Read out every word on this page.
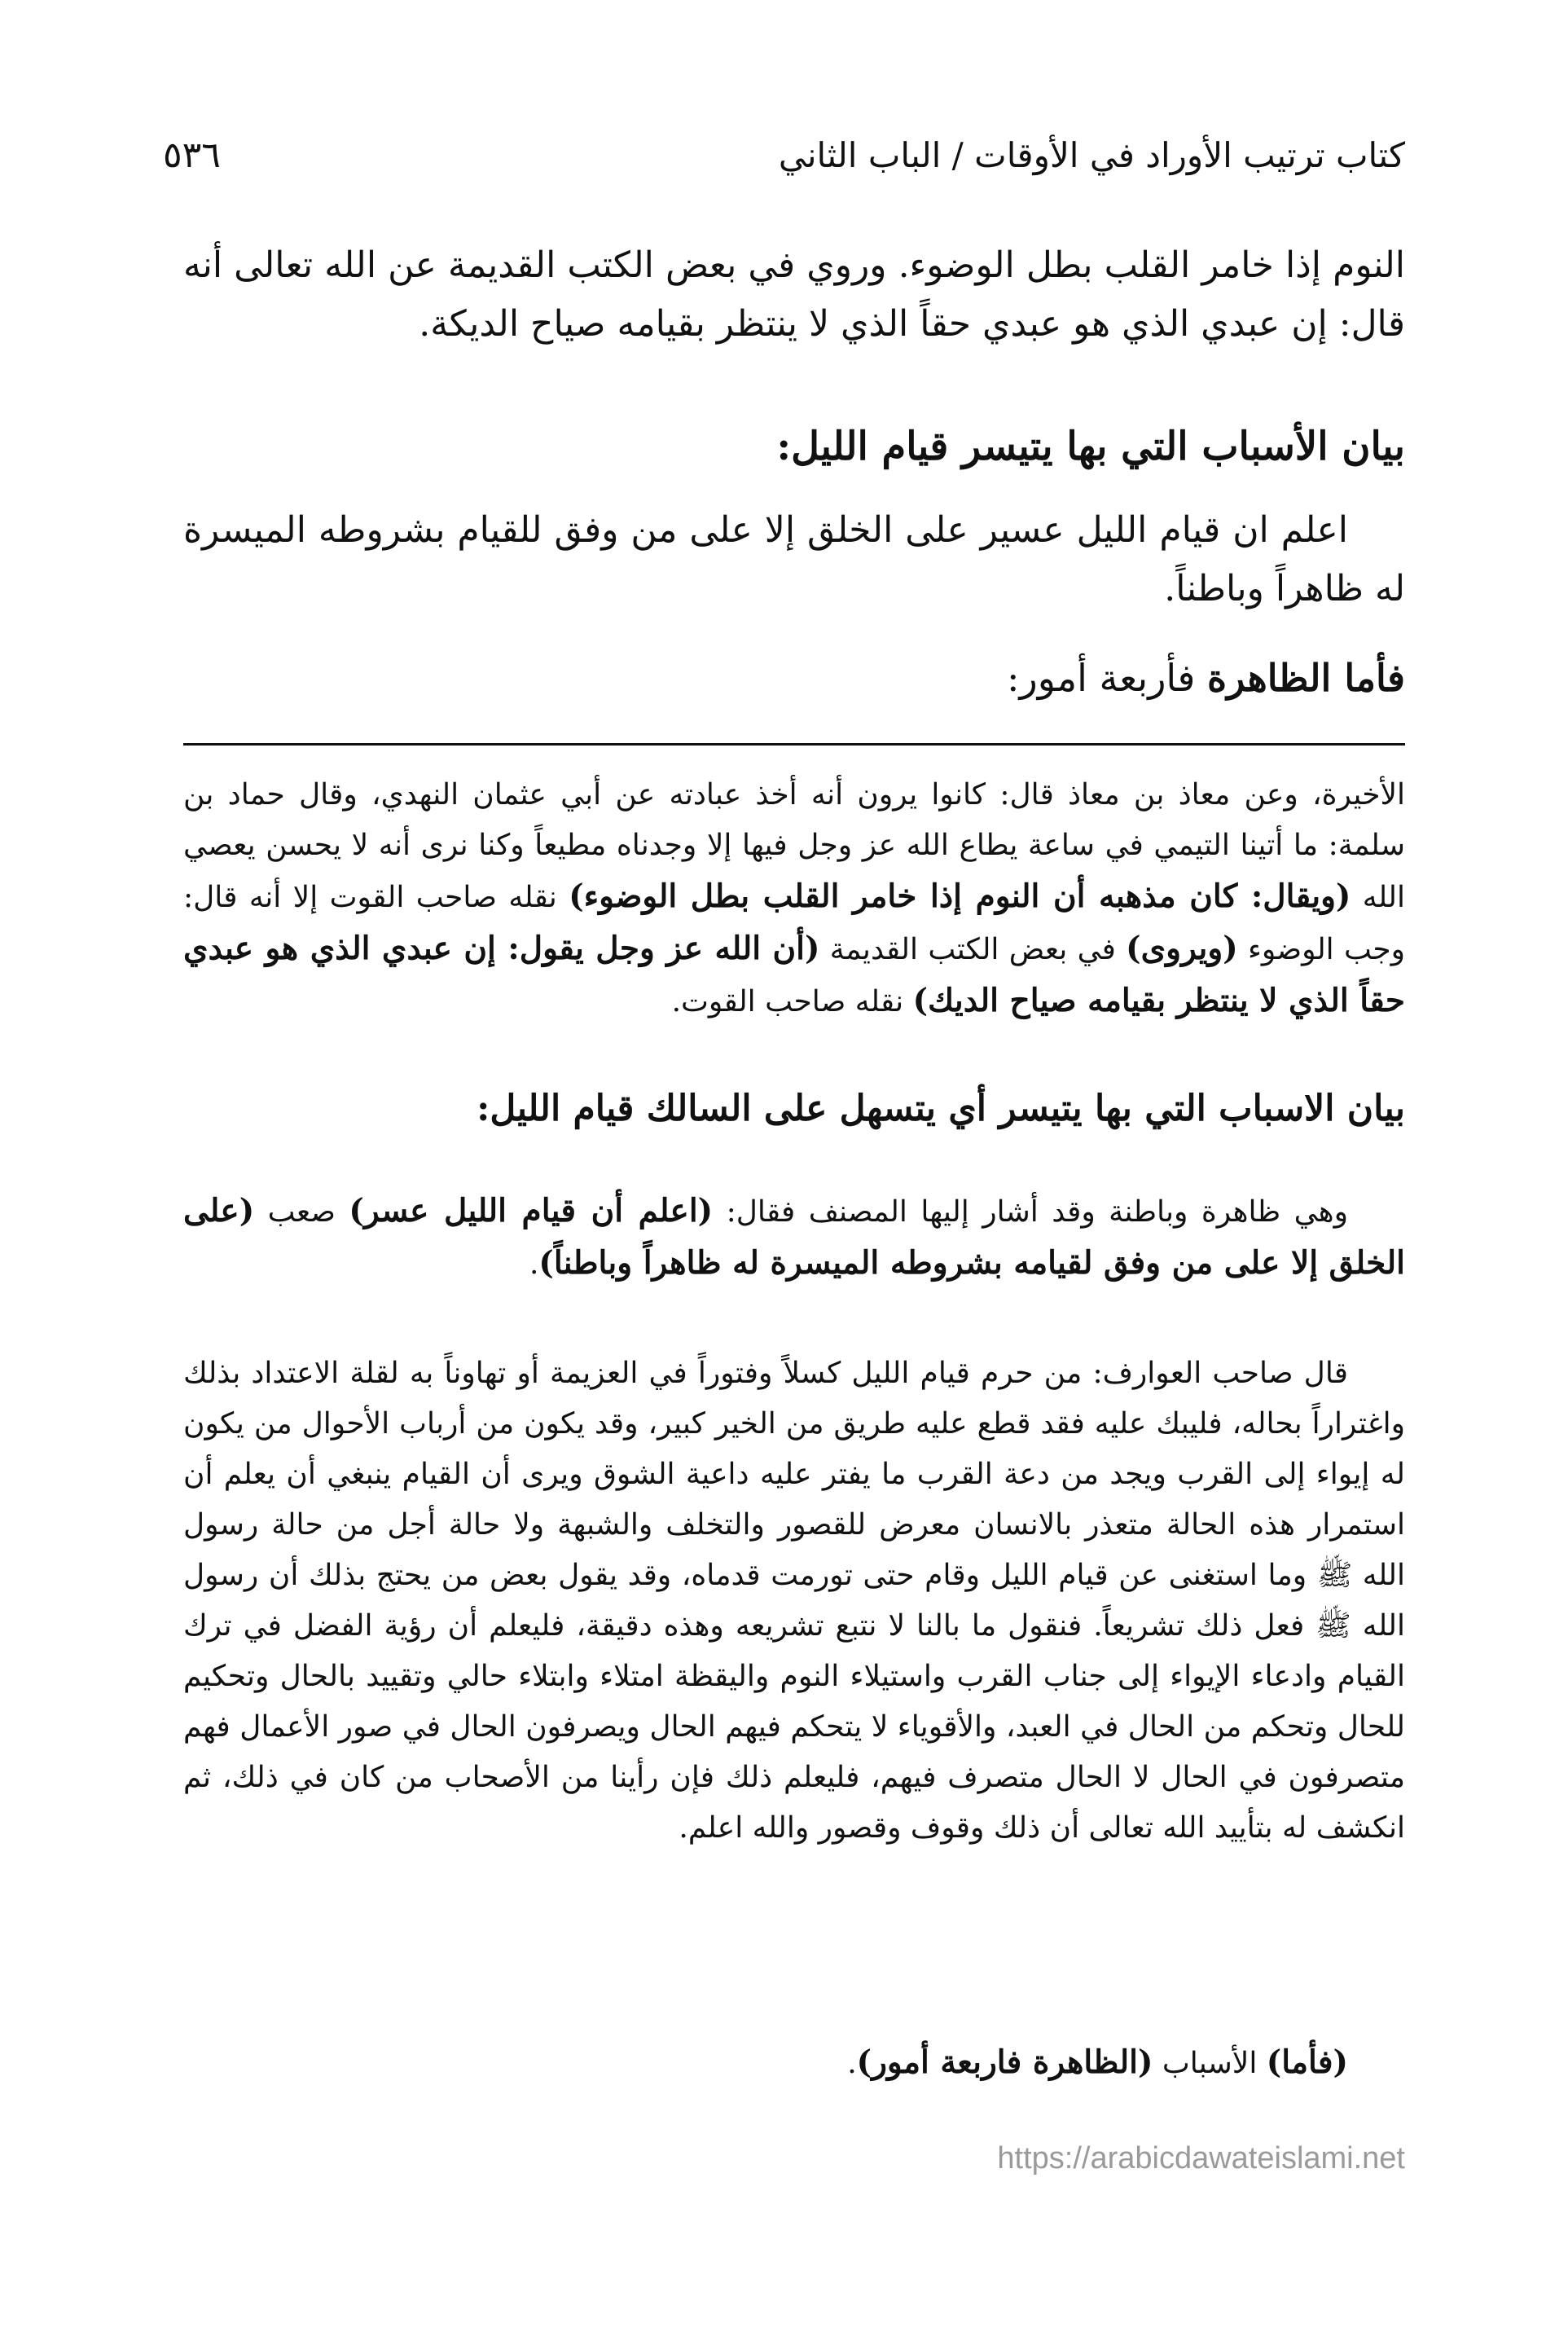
كتاب ترتيب الأوراد في الأوقات / الباب الثاني
٥٣٦

النوم إذا خامر القلب بطل الوضوء. وروي في بعض الكتب القديمة عن الله تعالى أنه قال: إن عبدي الذي هو عبدي حقاً الذي لا ينتظر بقيامه صياح الديكة.

بيان الأسباب التي بها يتيسر قيام الليل:

اعلم ان قيام الليل عسير على الخلق إلا على من وفق للقيام بشروطه الميسرة له ظاهراً وباطناً.

فأما الظاهرة فأربعة أمور:

الأخيرة، وعن معاذ بن معاذ قال: كانوا يرون أنه أخذ عبادته عن أبي عثمان النهدي، وقال حماد بن سلمة: ما أتينا التيمي في ساعة يطاع الله عز وجل فيها إلا وجدناه مطيعاً وكنا نرى أنه لا يحسن يعصي الله (ويقال: كان مذهبه أن النوم إذا خامر القلب بطل الوضوء) نقله صاحب القوت إلا أنه قال: وجب الوضوء (ويروى) في بعض الكتب القديمة (أن الله عز وجل يقول: إن عبدي الذي هو عبدي حقاً الذي لا ينتظر بقيامه صياح الديك) نقله صاحب القوت.

بيان الاسباب التي بها يتيسر أي يتسهل على السالك قيام الليل:

وهي ظاهرة وباطنة وقد أشار إليها المصنف فقال: (اعلم أن قيام الليل عسر) صعب (على الخلق إلا على من وفق لقيامه بشروطه الميسرة له ظاهراً وباطناً).

قال صاحب العوارف: من حرم قيام الليل كسلاً وفتوراً في العزيمة أو تهاوناً به لقلة الاعتداد بذلك واغتراراً بحاله، فليبك عليه فقد قطع عليه طريق من الخير كبير، وقد يكون من أرباب الأحوال من يكون له إيواء إلى القرب ويجد من دعة القرب ما يفتر عليه داعية الشوق ويرى أن القيام ينبغي أن يعلم أن استمرار هذه الحالة متعذر بالانسان معرض للقصور والتخلف والشبهة ولا حالة أجل من حالة رسول الله ﷺ وما استغنى عن قيام الليل وقام حتى تورمت قدماه، وقد يقول بعض من يحتج بذلك أن رسول الله ﷺ فعل ذلك تشريعاً. فنقول ما بالنا لا نتبع تشريعه وهذه دقيقة، فليعلم أن رؤية الفضل في ترك القيام وادعاء الإيواء إلى جناب القرب واستيلاء النوم واليقظة امتلاء وابتلاء حالي وتقييد بالحال وتحكيم للحال وتحكم من الحال في العبد، والأقوياء لا يتحكم فيهم الحال ويصرفون الحال في صور الأعمال فهم متصرفون في الحال لا الحال متصرف فيهم، فليعلم ذلك فإن رأينا من الأصحاب من كان في ذلك، ثم انكشف له بتأييد الله تعالى أن ذلك وقوف وقصور والله اعلم.

(فأما) الأسباب (الظاهرة فاربعة أمور).

https://arabicdawateislami.net
